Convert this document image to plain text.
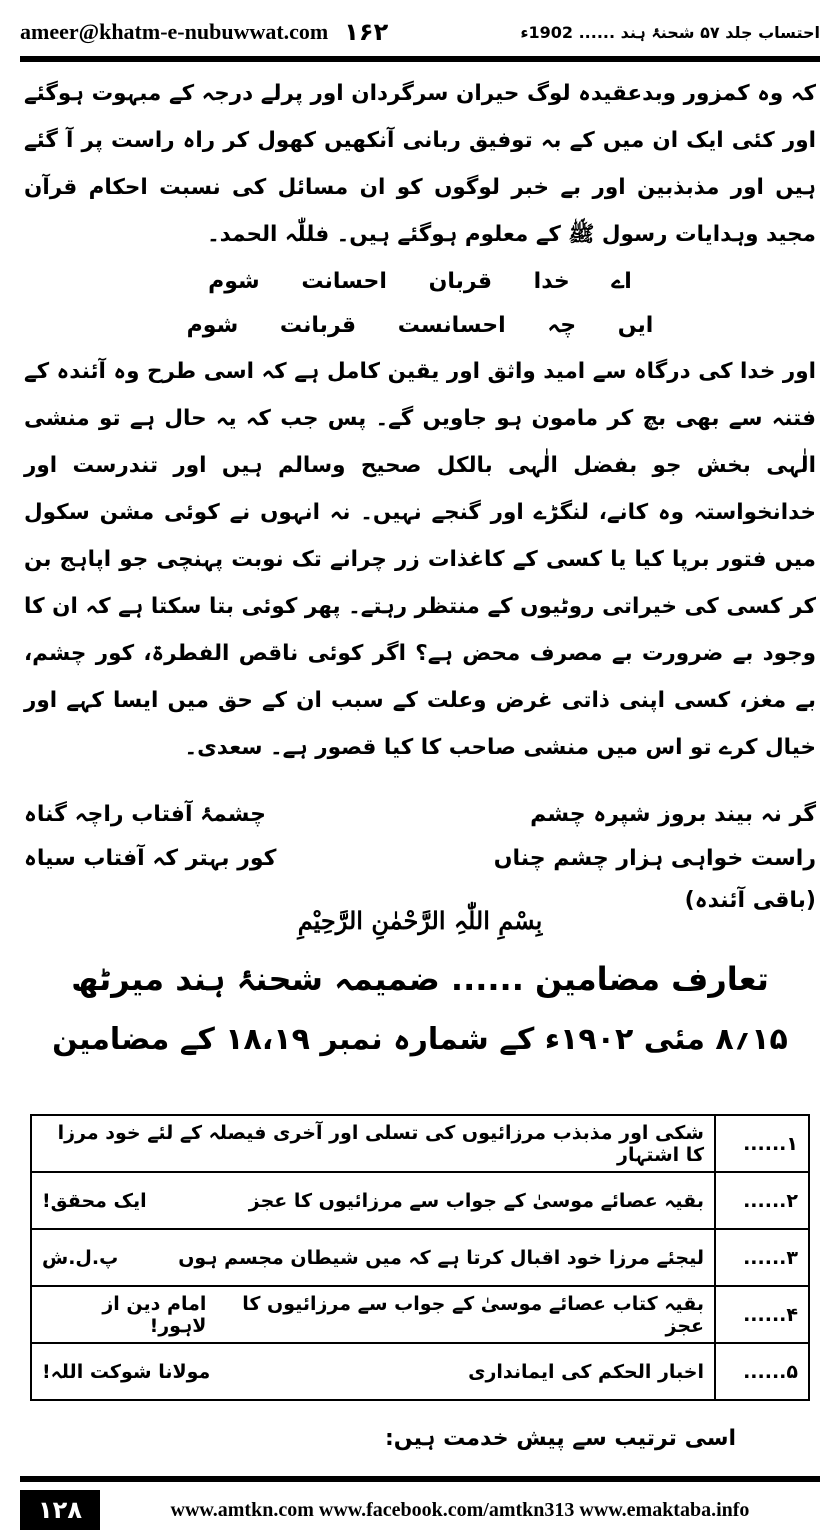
ameer@khatm-e-nubuwwat.com ۱۶۲	احتساب جلد ۵۷ شحنۂ ہند ...... 1902ء

کہ وہ کمزور وبدعقیدہ لوگ حیران سرگردان اور پرلے درجہ کے مبہوت ہوگئے اور کئی ایک ان میں کے بہ توفیق ربانی آنکھیں کھول کر راہ راست پر آ گئے ہیں اور مذبذبین اور بے خبر لوگوں کو ان مسائل کی نسبت احکام قرآن مجید وہدایات رسول ﷺ کے معلوم ہوگئے ہیں۔ فللّٰہ الحمد۔

اے خدا قربان احسانت شوم

ایں چہ احسانست قربانت شوم

اور خدا کی درگاہ سے امید واثق اور یقین کامل ہے کہ اسی طرح وہ آئندہ کے فتنہ سے بھی بچ کر مامون ہو جاویں گے۔ پس جب کہ یہ حال ہے تو منشی الٰہی بخش جو بفضل الٰہی بالکل صحیح وسالم ہیں اور تندرست اور خدانخواستہ وہ کانے، لنگڑے اور گنجے نہیں۔ نہ انہوں نے کوئی مشن سکول میں فتور برپا کیا یا کسی کے کاغذات زر چرانے تک نوبت پہنچی جو اپاہج بن کر کسی کی خیراتی روٹیوں کے منتظر رہتے۔ پھر کوئی بتا سکتا ہے کہ ان کا وجود بے ضرورت بے مصرف محض ہے؟ اگر کوئی ناقص الفطرۃ، کور چشم، بے مغز، کسی اپنی ذاتی غرض وعلت کے سبب ان کے حق میں ایسا کہے اور خیال کرے تو اس میں منشی صاحب کا کیا قصور ہے۔ سعدی۔

گر نہ بیند بروز شپرہ چشم
چشمۂ آفتاب راچہ گناہ
راست خواہی ہزار چشم چناں
کور بہتر کہ آفتاب سیاہ

(باقی آئندہ)

بِسْمِ اللّٰہِ الرَّحْمٰنِ الرَّحِیْمِ
تعارف مضامین ...... ضمیمہ شحنۂ ہند میرٹھ
۱۵؍۸ مئی ۱۹۰۲ء کے شمارہ نمبر ۱۸،۱۹ کے مضامین
۱......	شکی اور مذبذب مرزائیوں کی تسلی اور آخری فیصلہ کے لئے خود مرزا کا اشتہار

۲......	بقیہ عصائے موسیٰ کے جواب سے مرزائیوں کا عجز
ایک محقق!

۳......	لیجئے مرزا خود اقبال کرتا ہے کہ میں شیطان مجسم ہوں
پ.ل.ش

۴......	بقیہ کتاب عصائے موسیٰ کے جواب سے مرزائیوں کا عجز
امام دین از لاہور!

۵......	اخبار الحکم کی ایمانداری
مولانا شوکت اللہ!
اسی ترتیب سے پیش خدمت ہیں:
۱۲۸	www.amtkn.com www.facebook.com/amtkn313 www.emaktaba.info
